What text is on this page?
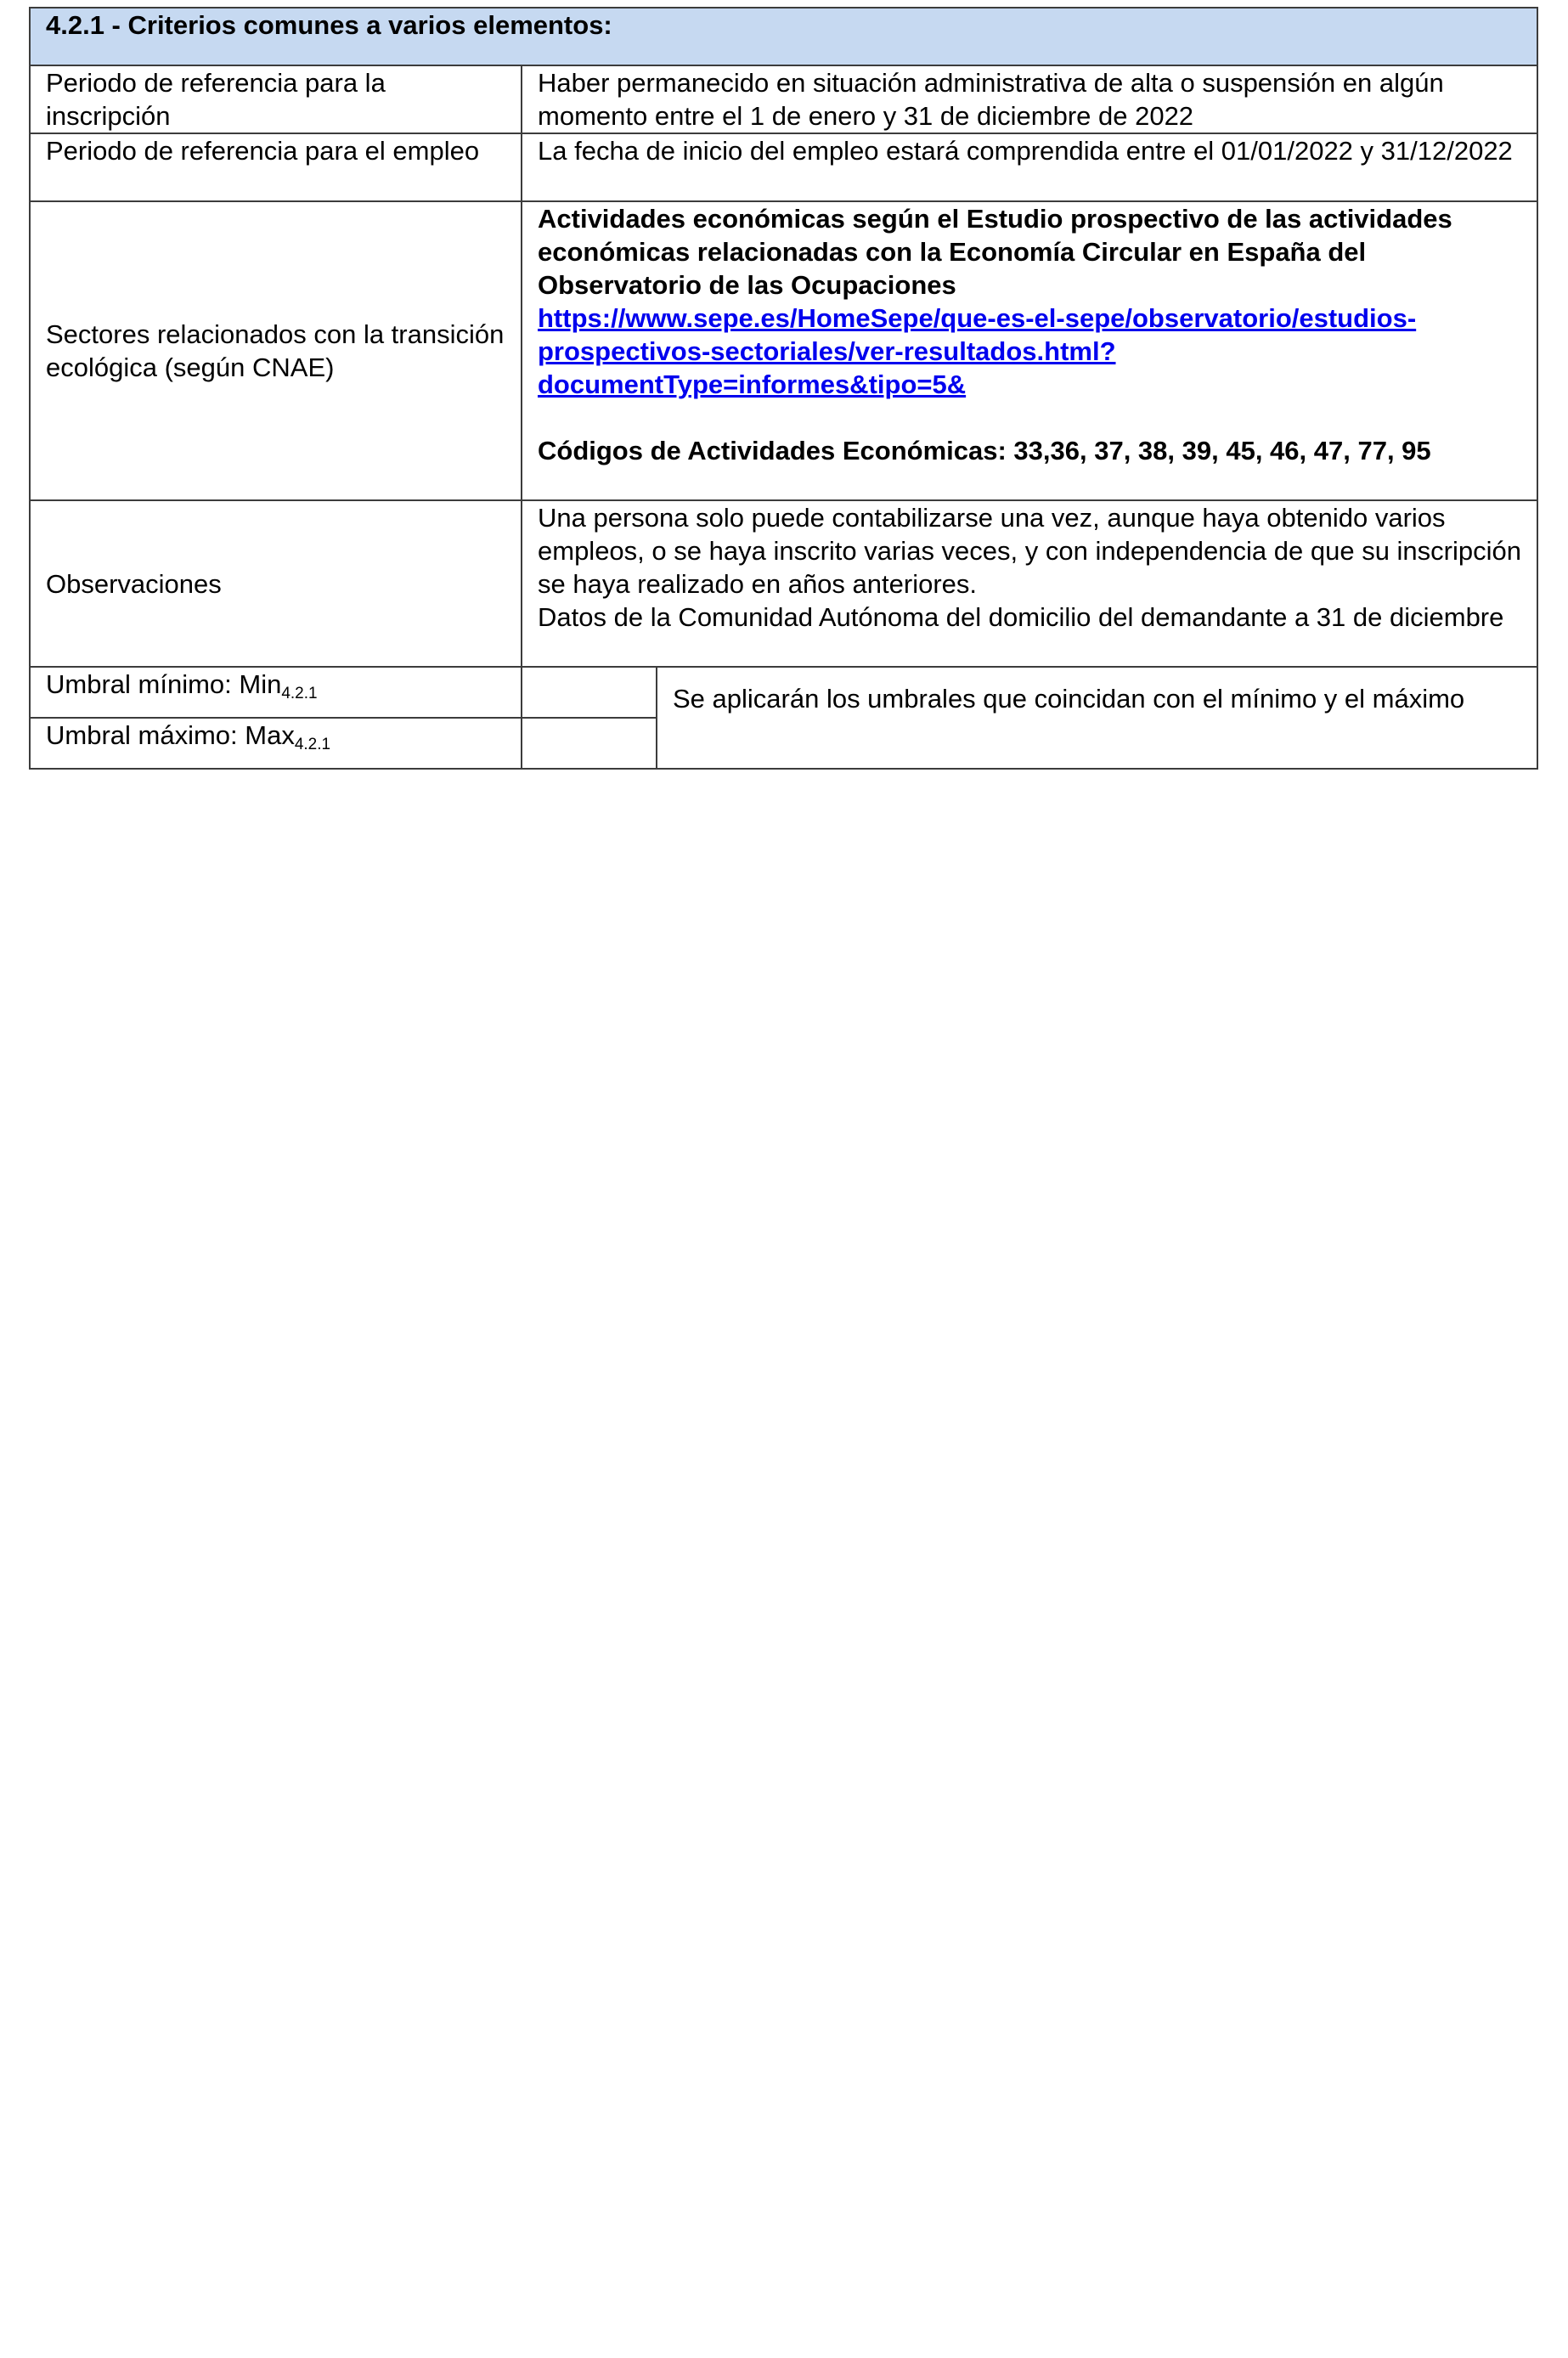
4.2.1 - Criterios comunes a varios elementos:		
Periodo de referencia para la inscripción	Haber permanecido en situación administrativa de alta o suspensión en algún momento entre el 1 de enero y 31 de diciembre de 2022	
Periodo de referencia para el empleo	La fecha de inicio del empleo estará comprendida entre el 01/01/2022 y 31/12/2022	
Sectores relacionados con la transición ecológica (según CNAE)	Actividades económicas según el Estudio prospectivo de las actividades económicas relacionadas con la Economía Circular en España del Observatorio de las Ocupaciones
https://www.sepe.es/HomeSepe/que-es-el-sepe/observatorio/estudios-prospectivos-sectoriales/ver-resultados.html?documentType=informes&tipo=5&
Códigos de Actividades Económicas: 33,36, 37, 38, 39, 45, 46, 47, 77, 95	

Observaciones	Una persona solo puede contabilizarse una vez, aunque haya obtenido varios empleos, o se haya inscrito varias veces, y con independencia de que su inscripción se haya realizado en años anteriores.
Datos de la Comunidad Autónoma del domicilio del demandante a 31 de diciembre	

Umbral mínimo: Min$_{4.2.1}$		Se aplicarán los umbrales que coincidan con el mínimo y el máximo
Umbral máximo: Max$_{4.2.1}$	
